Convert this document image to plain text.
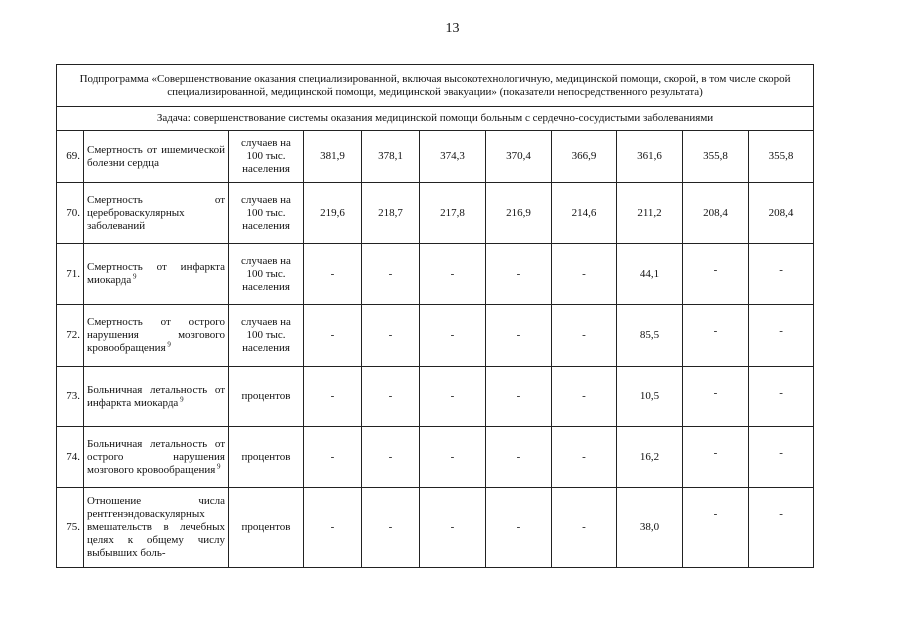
13
Подпрограмма «Совершенствование оказания специализированной, включая высокотехнологичную, медицинской помощи, скорой, в том числе скорой специализированной, медицинской помощи, медицинской эвакуации» (показатели непосредственного результата)										
Задача: совершенствование системы оказания медицинской помощи больным с сердечно-сосудистыми заболеваниями										
69.	Смертность от ишемической болезни сердца	случаев на 100 тыс. населения	381,9	378,1	374,3	370,4	366,9	361,6	355,8	355,8
70.	Смертность от цереброваскулярных заболеваний	случаев на 100 тыс. населения	219,6	218,7	217,8	216,9	214,6	211,2	208,4	208,4
71.	Смертность от инфаркта миокарда $^9$	случаев на 100 тыс. населения	-	-	-	-	-	44,1	-	-
72.	Смертность от острого нарушения мозгового кровообращения $^9$	случаев на 100 тыс. населения	-	-	-	-	-	85,5	-	-
73.	Больничная летальность от инфаркта миокарда $^9$	процентов	-	-	-	-	-	10,5	-	-
74.	Больничная летальность от острого нарушения мозгового кровообращения $^9$	процентов	-	-	-	-	-	16,2	-	-
75.	Отношение числа рентгенэндоваскулярных вмешательств в лечебных целях к общему числу выбывших боль-	процентов	-	-	-	-	-	38,0	-	-
